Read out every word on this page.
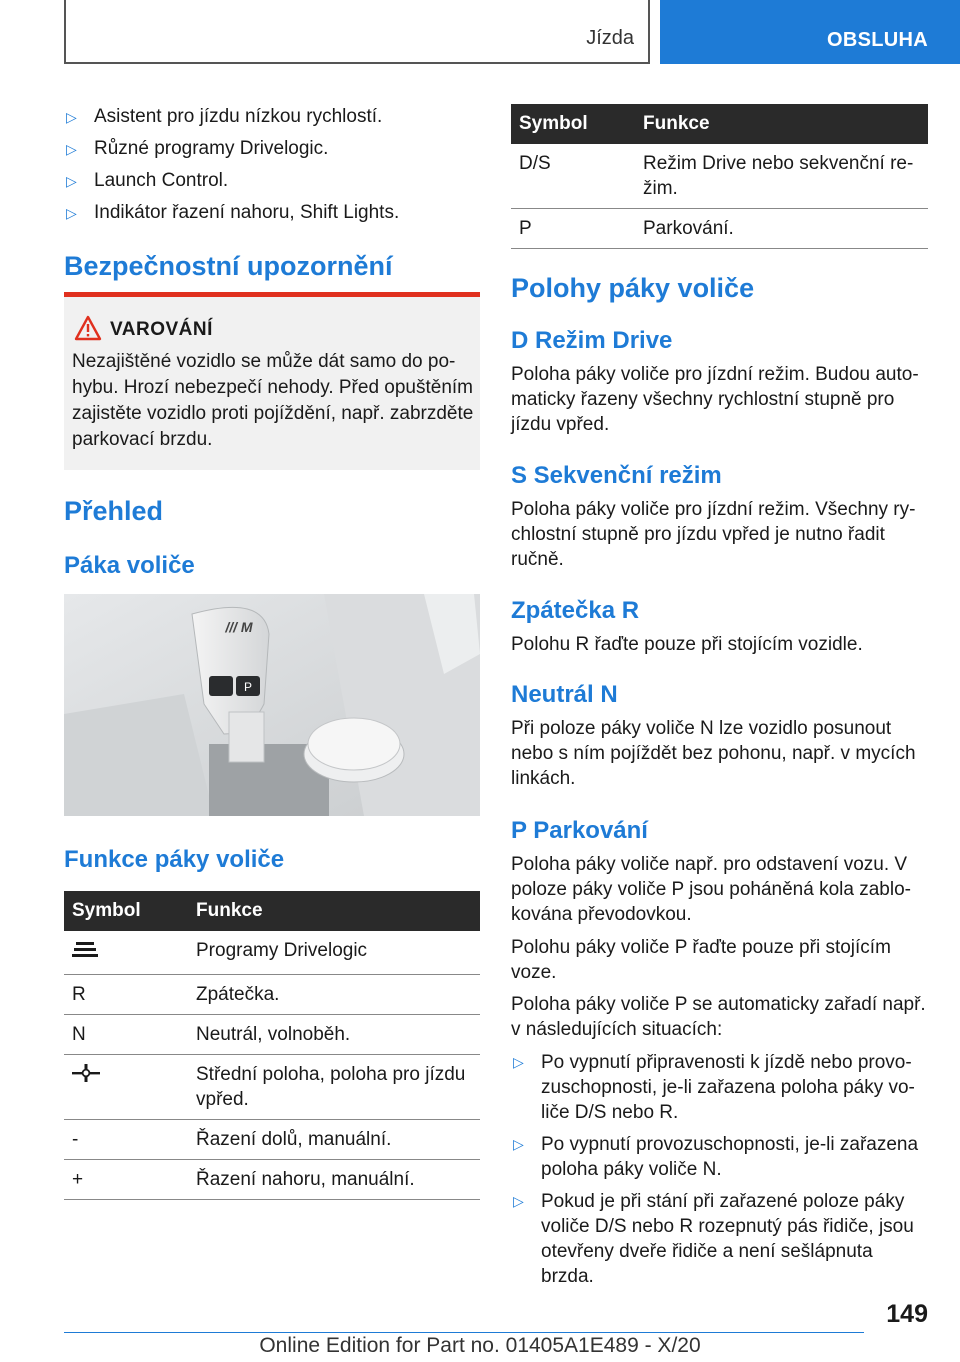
Jízda	OBSLUHA
▷ Asistent pro jízdu nízkou rychlostí.
▷ Různé programy Drivelogic.
▷ Launch Control.
▷ Indikátor řazení nahoru, Shift Lights.
Bezpečnostní upozornění
VAROVÁNÍ
Nezajištěné vozidlo se může dát samo do po-hybu. Hrozí nebezpečí nehody. Před opuštěním zajistěte vozidlo proti pojíždění, např. zabrzděte parkovací brzdu.
Přehled
Páka voliče
P
/// M
Funkce páky voliče
Symbol	Funkce
	Programy Drivelogic
R	Zpátečka.
N	Neutrál, volnoběh.
	Střední poloha, poloha pro jízdu vpřed.
-	Řazení dolů, manuální.
+	Řazení nahoru, manuální.
Symbol	Funkce
D/S	Režim Drive nebo sekvenční re-žim.
P	Parkování.
Polohy páky voliče
D Režim Drive

Poloha páky voliče pro jízdní režim. Budou auto-maticky řazeny všechny rychlostní stupně pro jízdu vpřed.

S Sekvenční režim

Poloha páky voliče pro jízdní režim. Všechny ry-chlostní stupně pro jízdu vpřed je nutno řadit ručně.

Zpátečka R

Polohu R řaďte pouze při stojícím vozidle.

Neutrál N

Při poloze páky voliče N lze vozidlo posunout nebo s ním pojíždět bez pohonu, např. v mycích linkách.

P Parkování

Poloha páky voliče např. pro odstavení vozu. V poloze páky voliče P jsou poháněná kola zablo-kována převodovkou.

Polohu páky voliče P řaďte pouze při stojícím voze.

Poloha páky voliče P se automaticky zařadí např. v následujících situacích:

▷ Po vypnutí připravenosti k jízdě nebo provo-zuschopnosti, je-li zařazena poloha páky vo-liče D/S nebo R.
▷ Po vypnutí provozuschopnosti, je-li zařazena poloha páky voliče N.
▷ Pokud je při stání při zařazené poloze páky voliče D/S nebo R rozepnutý pás řidiče, jsou otevřeny dveře řidiče a není sešlápnuta brzda.
149
Online Edition for Part no. 01405A1E489 - X/20
